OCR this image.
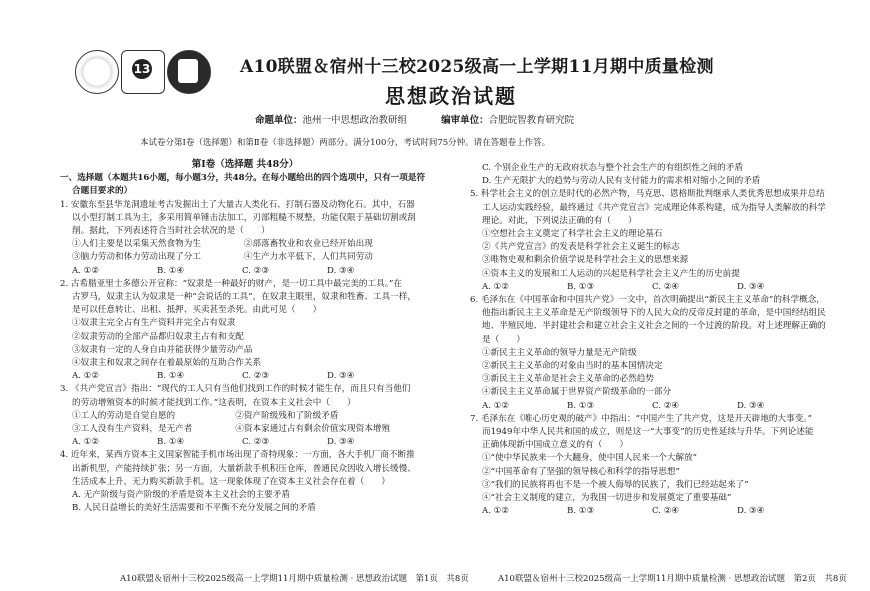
13	A10联盟＆宿州十三校2025级高一上学期11月期中质量检测
思想政治试题
命题单位：池州一中思想政治教研组	编审单位：合肥皖智教育研究院
本试卷分第Ⅰ卷（选择题）和第Ⅱ卷（非选择题）两部分。满分100分，考试时间75分钟。请在答题卷上作答。
第Ⅰ卷（选择题 共48分）

一、选择题（本题共16小题，每小题3分，共48分。在每小题给出的四个选项中，只有一项是符

合题目要求的）

1. 安徽东至县华龙洞遗址考古发掘出土了大量古人类化石、打制石器及动物化石。其中，石器

以小型打制工具为主，多采用简单锤击法加工，刃部粗糙不规整，功能仅限于基础切割或刮

削。据此，下列表述符合当时社会状况的是（　　）

①人们主要是以采集天然食物为生　　　　　②部落畜牧业和农业已经开始出现

③脑力劳动和体力劳动出现了分工　　　　　④生产力水平低下，人们共同劳动

A. ①②	B. ①④	C. ②③	D. ③④

2. 古希腊亚里士多德公开宣称：“奴隶是一种最好的财产，是一切工具中最完美的工具。”在

古罗马，奴隶主认为奴隶是一种“会说话的工具”，在奴隶主眼里，奴隶和牲畜、工具一样，

是可以任意转让、出租、抵押、买卖甚至杀死。由此可见（　　）

①奴隶主完全占有生产资料并完全占有奴隶

②奴隶劳动的全部产品都归奴隶主占有和支配

③奴隶有一定的人身自由并能获得少量劳动产品

④奴隶主和奴隶之间存在着最原始的互助合作关系

A. ①②	B. ①④	C. ②③	D. ③④

3. 《共产党宣言》指出：“现代的工人只有当他们找到工作的时候才能生存，而且只有当他们

的劳动增殖资本的时候才能找到工作。”这表明，在资本主义社会中（　　）

①工人的劳动是自觉自愿的　　　　　　　②资产阶级残和了阶级矛盾

③工人没有生产资料，是无产者　　　　　④资本家通过占有剩余价值实现资本增殖

A. ①②	B. ①④	C. ②③	D. ③④

4. 近年来，某西方资本主义国家智能手机市场出现了奇特现象：一方面，各大手机厂商不断推

出新机型，产能持续扩张；另一方面，大量新款手机积压仓库，普通民众因收入增长缓慢、

生活成本上升，无力购买新款手机。这一现象体现了在资本主义社会存在着（　　）

A. 无产阶级与资产阶级的矛盾是资本主义社会的主要矛盾

B. 人民日益增长的美好生活需要和不平衡不充分发展之间的矛盾

C. 个别企业生产的无政府状态与整个社会生产的有组织性之间的矛盾

D. 生产无限扩大的趋势与劳动人民有支付能力的需求相对缩小之间的矛盾

5. 科学社会主义的创立是时代的必然产物，马克思、恩格斯批判继承人类优秀思想成果并总结

工人运动实践经验，最终通过《共产党宣言》完成理论体系构建，成为指导人类解放的科学

理论。对此，下列说法正确的有（　　）

①空想社会主义奠定了科学社会主义的理论基石

②《共产党宣言》的发表是科学社会主义诞生的标志

③唯物史观和剩余价值学说是科学社会主义的思想来源

④资本主义的发展和工人运动的兴起是科学社会主义产生的历史前提

A. ①②	B. ①③	C. ②④	D. ③④

6. 毛泽东在《中国革命和中国共产党》一文中，首次明确提出“新民主主义革命”的科学概念，

他指出新民主主义革命是无产阶级领导下的人民大众的反帝反封建的革命，是中国经结组民

地、半殖民地、半封建社会和建立社会主义社会之间的一个过渡的阶段。对上述理解正确的

是（　　）

①新民主主义革命的领导力量是无产阶级

②新民主主义革命的对象由当时的基本国情决定

③新民主主义革命是社会主义革命的必然趋势

④新民主主义革命属于世界资产阶级革命的一部分

A. ①②	B. ①③	C. ②④	D. ③④

7. 毛泽东在《唯心历史观的破产》中指出：“中国产生了共产党，这是开天辟地的大事变。”

而1949年中华人民共和国的成立，则是这一“大事变”的历史性延续与升华。下列论述能

正确体现新中国成立意义的有（　　）

①“使中华民族来一个大翻身，使中国人民来一个大解放”

②“中国革命有了坚强的领导核心和科学的指导思想”

③“我们的民族将再也不是一个被人侮辱的民族了，我们已经站起来了”

④“社会主义制度的建立，为我国一切进步和发展奠定了重要基础”

A. ①②	B. ①③	C. ②④	D. ③④
A10联盟＆宿州十三校2025级高一上学期11月期中质量检测 · 思想政治试题　第1页　共8页	A10联盟＆宿州十三校2025级高一上学期11月期中质量检测 · 思想政治试题　第2页　共8页
